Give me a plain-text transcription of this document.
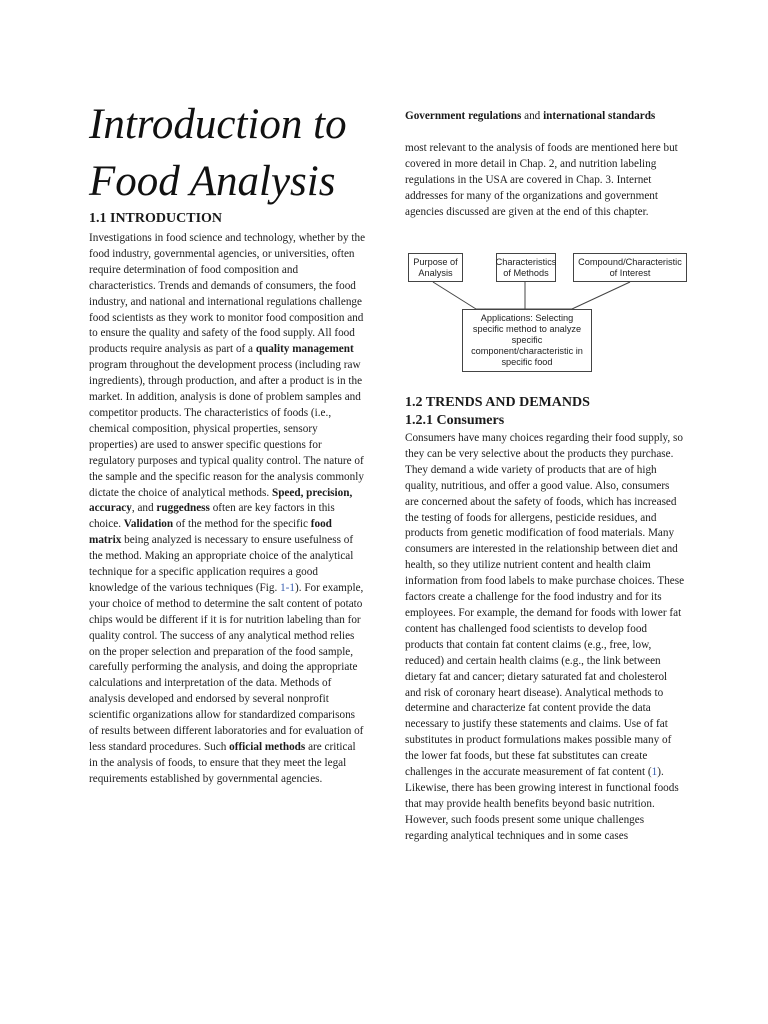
Introduction to
Food Analysis
1.1 INTRODUCTION

Investigations in food science and technology, whether by the food industry, governmental agencies, or universities, often require determination of food composition and characteristics. Trends and demands of consumers, the food industry, and national and international regulations challenge food scientists as they work to monitor food composition and to ensure the quality and safety of the food supply. All food products require analysis as part of a quality management program throughout the development process (including raw ingredients), through production, and after a product is in the market. In addition, analysis is done of problem samples and competitor products. The characteristics of foods (i.e., chemical composition, physical properties, sensory properties) are used to answer specific questions for regulatory purposes and typical quality control. The nature of the sample and the specific reason for the analysis commonly dictate the choice of analytical methods. Speed, precision, accuracy, and ruggedness often are key factors in this choice. Validation of the method for the specific food matrix being analyzed is necessary to ensure usefulness of the method. Making an appropriate choice of the analytical technique for a specific application requires a good knowledge of the various techniques (Fig. 1-1). For example, your choice of method to determine the salt content of potato chips would be different if it is for nutrition labeling than for quality control. The success of any analytical method relies on the proper selection and preparation of the food sample, carefully performing the analysis, and doing the appropriate calculations and interpretation of the data. Methods of analysis developed and endorsed by several nonprofit scientific organizations allow for standardized comparisons of results between different laboratories and for evaluation of less standard procedures. Such official methods are critical in the analysis of foods, to ensure that they meet the legal requirements established by governmental agencies.

Government regulations and international standards

most relevant to the analysis of foods are mentioned here but covered in more detail in Chap. 2, and nutrition labeling regulations in the USA are covered in Chap. 3. Internet addresses for many of the organizations and government agencies discussed are given at the end of this chapter.

Purpose of Analysis
Characteristics of Methods
Compound/Characteristic of Interest
Applications: Selecting specific method to analyze specific component/characteristic in specific food
1.2 TRENDS AND DEMANDS
1.2.1 Consumers

Consumers have many choices regarding their food supply, so they can be very selective about the products they purchase. They demand a wide variety of products that are of high quality, nutritious, and offer a good value. Also, consumers are concerned about the safety of foods, which has increased the testing of foods for allergens, pesticide residues, and products from genetic modification of food materials. Many consumers are interested in the relationship between diet and health, so they utilize nutrient content and health claim information from food labels to make purchase choices. These factors create a challenge for the food industry and for its employees. For example, the demand for foods with lower fat content has challenged food scientists to develop food products that contain fat content claims (e.g., free, low, reduced) and certain health claims (e.g., the link between dietary fat and cancer; dietary saturated fat and cholesterol and risk of coronary heart disease). Analytical methods to determine and characterize fat content provide the data necessary to justify these statements and claims. Use of fat substitutes in product formulations makes possible many of the lower fat foods, but these fat substitutes can create challenges in the accurate measurement of fat content (1). Likewise, there has been growing interest in functional foods that may provide health benefits beyond basic nutrition. However, such foods present some unique challenges regarding analytical techniques and in some cases
